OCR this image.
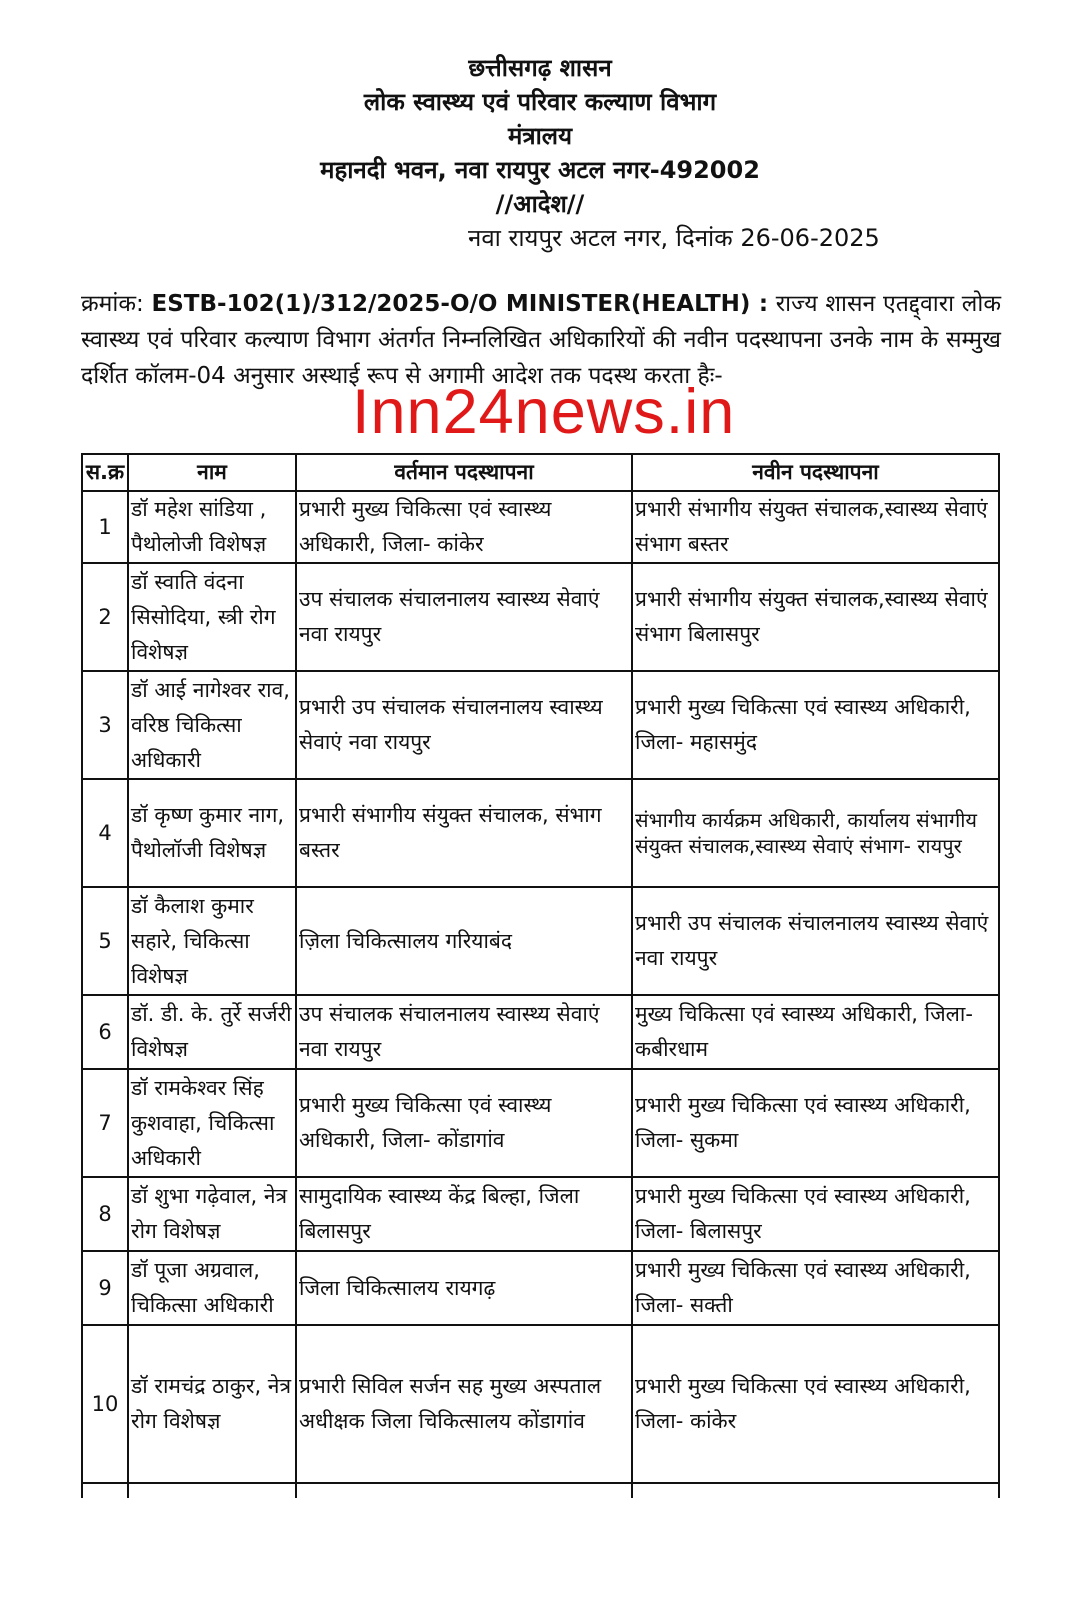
छत्तीसगढ़ शासन
लोक स्वास्थ्य एवं परिवार कल्याण विभाग
मंत्रालय
महानदी भवन, नवा रायपुर अटल नगर-492002
//आदेश//
नवा रायपुर अटल नगर, दिनांक 26-06-2025
क्रमांक: ESTB-102(1)/312/2025-O/O MINISTER(HEALTH) : राज्य शासन एतद्द्वारा लोक स्वास्थ्य एवं परिवार कल्याण विभाग अंतर्गत निम्नलिखित अधिकारियों की नवीन पदस्थापना उनके नाम के सम्मुख दर्शित कॉलम-04 अनुसार अस्थाई रूप से अगामी आदेश तक पदस्थ करता हैः-
Inn24news.in
स.क्र	नाम	वर्तमान पदस्थापना	नवीन पदस्थापना
1	डॉ महेश सांडिया , पैथोलोजी विशेषज्ञ	प्रभारी मुख्य चिकित्सा एवं स्वास्थ्य अधिकारी, जिला- कांकेर	प्रभारी संभागीय संयुक्त संचालक,स्वास्थ्य सेवाएं संभाग बस्तर
2	डॉ स्वाति वंदना सिसोदिया, स्त्री रोग विशेषज्ञ	उप संचालक संचालनालय स्वास्थ्य सेवाएं नवा रायपुर	प्रभारी संभागीय संयुक्त संचालक,स्वास्थ्य सेवाएं संभाग बिलासपुर
3	डॉ आई नागेश्वर राव, वरिष्ठ चिकित्सा अधिकारी	प्रभारी उप संचालक संचालनालय स्वास्थ्य सेवाएं नवा रायपुर	प्रभारी मुख्य चिकित्सा एवं स्वास्थ्य अधिकारी, जिला- महासमुंद
4	डॉ कृष्ण कुमार नाग, पैथोलॉजी विशेषज्ञ	प्रभारी संभागीय संयुक्त संचालक, संभाग बस्तर	संभागीय कार्यक्रम अधिकारी, कार्यालय संभागीय संयुक्त संचालक,स्वास्थ्य सेवाएं संभाग- रायपुर
5	डॉ कैलाश कुमार सहारे, चिकित्सा विशेषज्ञ	ज़िला चिकित्सालय गरियाबंद	प्रभारी उप संचालक संचालनालय स्वास्थ्य सेवाएं नवा रायपुर
6	डॉ. डी. के. तुर्रे सर्जरी विशेषज्ञ	उप संचालक संचालनालय स्वास्थ्य सेवाएं नवा रायपुर	मुख्य चिकित्सा एवं स्वास्थ्य अधिकारी, जिला- कबीरधाम
7	डॉ रामकेश्वर सिंह कुशवाहा, चिकित्सा अधिकारी	प्रभारी मुख्य चिकित्सा एवं स्वास्थ्य अधिकारी, जिला- कोंडागांव	प्रभारी मुख्य चिकित्सा एवं स्वास्थ्य अधिकारी, जिला- सुकमा
8	डॉ शुभा गढ़ेवाल, नेत्र रोग विशेषज्ञ	सामुदायिक स्वास्थ्य केंद्र बिल्हा, जिला बिलासपुर	प्रभारी मुख्य चिकित्सा एवं स्वास्थ्य अधिकारी, जिला- बिलासपुर
9	डॉ पूजा अग्रवाल, चिकित्सा अधिकारी	जिला चिकित्सालय रायगढ़	प्रभारी मुख्य चिकित्सा एवं स्वास्थ्य अधिकारी, जिला- सक्ती
10	डॉ रामचंद्र ठाकुर, नेत्र रोग विशेषज्ञ	प्रभारी सिविल सर्जन सह मुख्य अस्पताल अधीक्षक जिला चिकित्सालय कोंडागांव	प्रभारी मुख्य चिकित्सा एवं स्वास्थ्य अधिकारी, जिला- कांकेर
